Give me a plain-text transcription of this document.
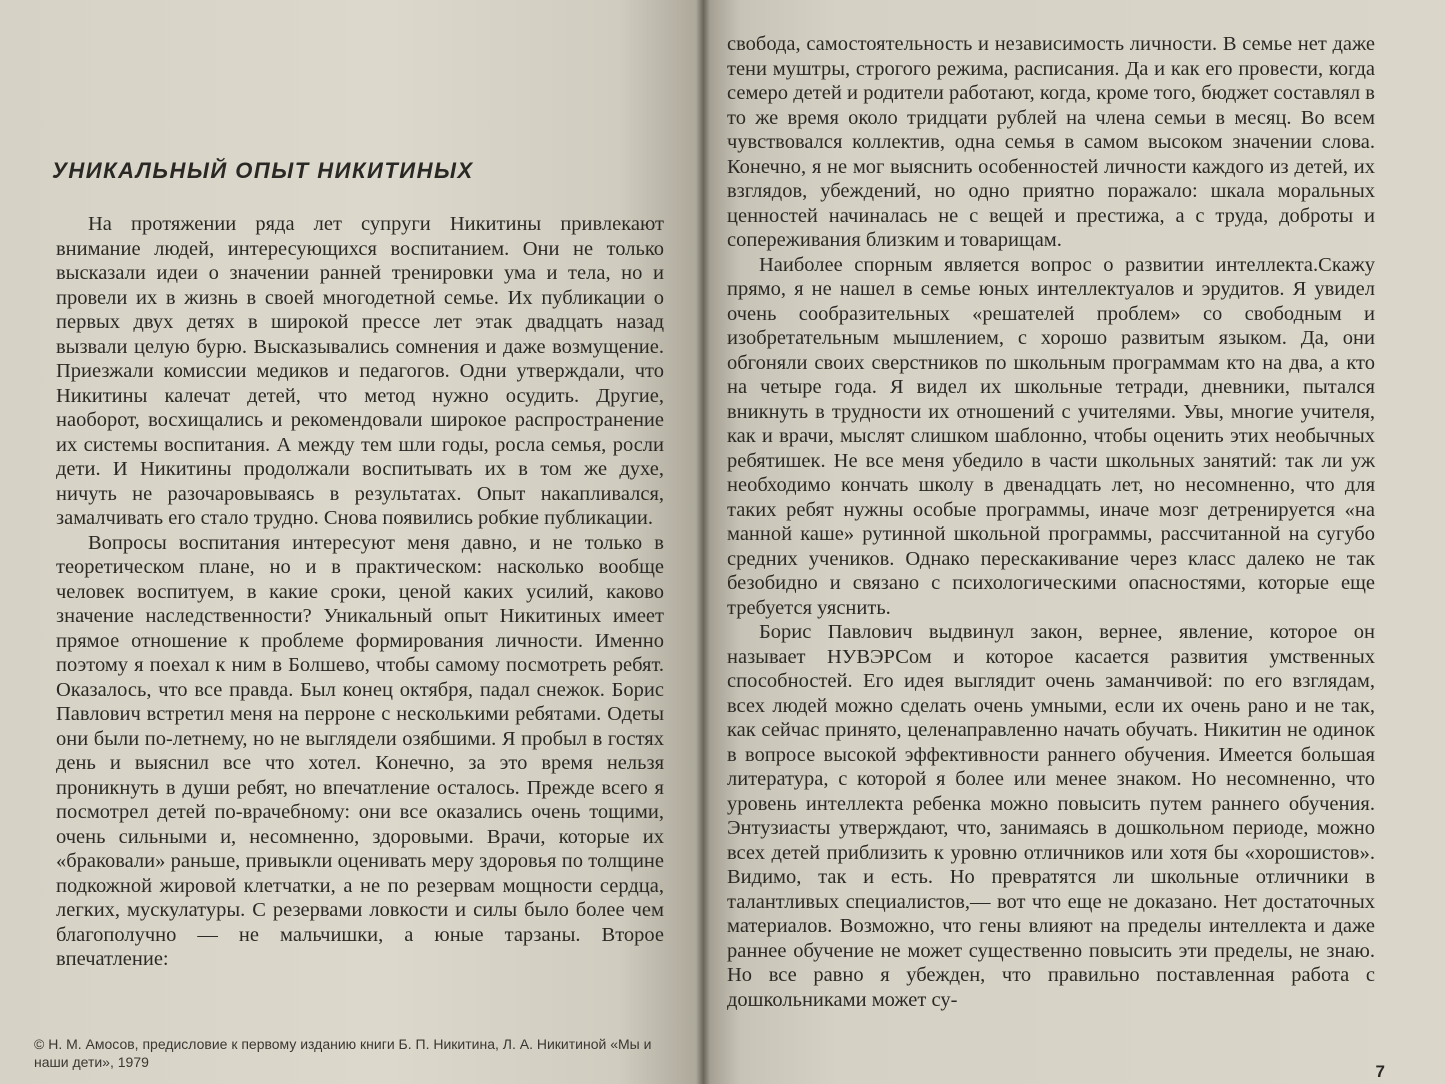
УНИКАЛЬНЫЙ ОПЫТ НИКИТИНЫХ

На протяжении ряда лет супруги Никитины привлекают внимание людей, интересующихся воспитанием. Они не только высказали идеи о значении ранней тренировки ума и тела, но и провели их в жизнь в своей многодетной семье. Их публикации о первых двух детях в широкой прессе лет этак двадцать назад вызвали целую бурю. Высказывались сомнения и даже возмущение. Приезжали комиссии медиков и педагогов. Одни утверждали, что Никитины калечат детей, что метод нужно осудить. Другие, наоборот, восхищались и рекомендовали широкое распространение их системы воспитания. А между тем шли годы, росла семья, росли дети. И Никитины продолжали воспитывать их в том же духе, ничуть не разочаровываясь в результатах. Опыт накапливался, замалчивать его стало трудно. Снова появились робкие публикации.

Вопросы воспитания интересуют меня давно, и не только в теоретическом плане, но и в практическом: насколько вообще человек воспитуем, в какие сроки, ценой каких усилий, каково значение наследственности? Уникальный опыт Никитиных имеет прямое отношение к проблеме формирования личности. Именно поэтому я поехал к ним в Болшево, чтобы самому посмотреть ребят. Оказалось, что все правда. Был конец октября, падал снежок. Борис Павлович встретил меня на перроне с несколькими ребятами. Одеты они были по-летнему, но не выглядели озябшими. Я пробыл в гостях день и выяснил все что хотел. Конечно, за это время нельзя проникнуть в души ребят, но впечатление осталось. Прежде всего я посмотрел детей по-врачебному: они все оказались очень тощими, очень сильными и, несомненно, здоровыми. Врачи, которые их «браковали» раньше, привыкли оценивать меру здоровья по толщине подкожной жировой клетчатки, а не по резервам мощности сердца, легких, мускулатуры. С резервами ловкости и силы было более чем благополучно — не мальчишки, а юные тарзаны. Второе впечатление:

© Н. М. Амосов, предисловие к первому изданию книги Б. П. Никитина, Л. А. Никитиной «Мы и наши дети», 1979

свобода, самостоятельность и независимость личности. В семье нет даже тени муштры, строгого режима, расписания. Да и как его провести, когда семеро детей и родители работают, когда, кроме того, бюджет составлял в то же время около тридцати рублей на члена семьи в месяц. Во всем чувствовался коллектив, одна семья в самом высоком значении слова. Конечно, я не мог выяснить особенностей личности каждого из детей, их взглядов, убеждений, но одно приятно поражало: шкала моральных ценностей начиналась не с вещей и престижа, а с труда, доброты и сопереживания близким и товарищам.

Наиболее спорным является вопрос о развитии интеллекта.Скажу прямо, я не нашел в семье юных интеллектуалов и эрудитов. Я увидел очень сообразительных «решателей проблем» со свободным и изобретательным мышлением, с хорошо развитым языком. Да, они обгоняли своих сверстников по школьным программам кто на два, а кто на четыре года. Я видел их школьные тетради, дневники, пытался вникнуть в трудности их отношений с учителями. Увы, многие учителя, как и врачи, мыслят слишком шаблонно, чтобы оценить этих необычных ребятишек. Не все меня убедило в части школьных занятий: так ли уж необходимо кончать школу в двенадцать лет, но несомненно, что для таких ребят нужны особые программы, иначе мозг детренируется «на манной каше» рутинной школьной программы, рассчитанной на сугубо средних учеников. Однако перескакивание через класс далеко не так безобидно и связано с психологическими опасностями, которые еще требуется уяснить.

Борис Павлович выдвинул закон, вернее, явление, которое он называет НУВЭРСом и которое касается развития умственных способностей. Его идея выглядит очень заманчивой: по его взглядам, всех людей можно сделать очень умными, если их очень рано и не так, как сейчас принято, целенаправленно начать обучать. Никитин не одинок в вопросе высокой эффективности раннего обучения. Имеется большая литература, с которой я более или менее знаком. Но несомненно, что уровень интеллекта ребенка можно повысить путем раннего обучения. Энтузиасты утверждают, что, занимаясь в дошкольном периоде, можно всех детей приблизить к уровню отличников или хотя бы «хорошистов». Видимо, так и есть. Но превратятся ли школьные отличники в талантливых специалистов,— вот что еще не доказано. Нет достаточных материалов. Возможно, что гены влияют на пределы интеллекта и даже раннее обучение не может существенно повысить эти пределы, не знаю. Но все равно я убежден, что правильно поставленная работа с дошкольниками может су-

7
